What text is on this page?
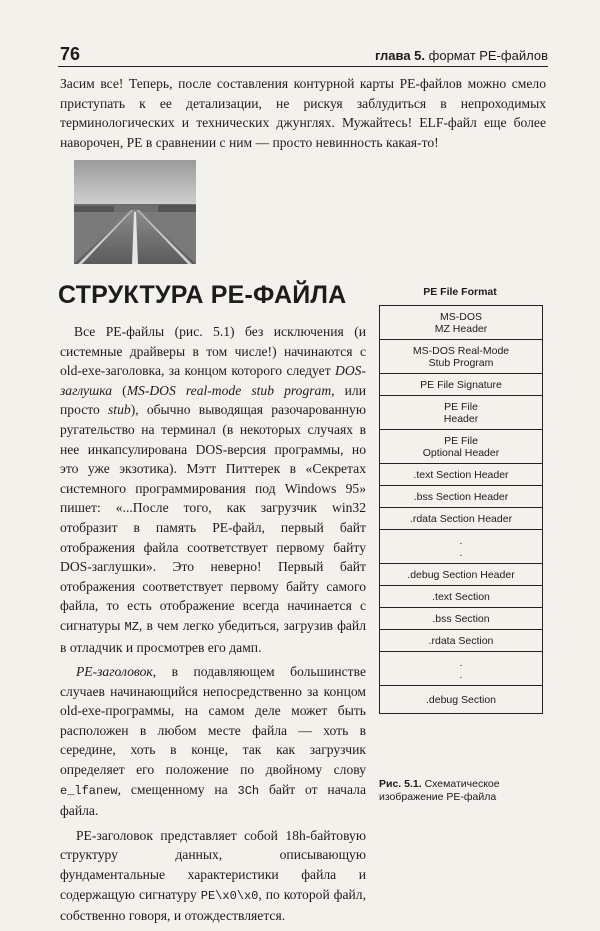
76	глава 5. формат PE-файлов
Засим все! Теперь, после составления контурной карты PE-файлов можно смело приступать к ее детализации, не рискуя заблудиться в непроходимых терминологических и технических джунглях. Мужайтесь! ELF-файл еще более наворочен, PE в сравнении с ним — просто невинность какая-то!
СТРУКТУРА PE-ФАЙЛА

Все PE-файлы (рис. 5.1) без исключения (и системные драйверы в том числе!) начинаются с old-exe-заголовка, за концом которого следует DOS-заглушка (MS-DOS real-mode stub program, или просто stub), обычно выводящая разочарованную ругательство на терминал (в некоторых случаях в нее инкапсулирована DOS-версия программы, но это уже экзотика). Мэтт Питтерек в «Секретах системного программирования под Windows 95» пишет: «...После того, как загрузчик win32 отобразит в память PE-файл, первый байт отображения файла соответствует первому байту DOS-заглушки». Это неверно! Первый байт отображения соответствует первому байту самого файла, то есть отображение всегда начинается с сигнатуры MZ, в чем легко убедиться, загрузив файл в отладчик и просмотрев его дамп.

PE-заголовок, в подавляющем большинстве случаев начинающийся непосредственно за концом old-exe-программы, на самом деле может быть расположен в любом месте файла — хоть в середине, хоть в конце, так как загрузчик определяет его положение по двойному слову e_lfanew, смещенному на 3Ch байт от начала файла.

PE-заголовок представляет собой 18h-байтовую структуру данных, описывающую фундаментальные характеристики файла и содержащую сигнатуру PE\x0\x0, по которой файл, собственно говоря, и отождествляется.

PE File Format
MS-DOS
MZ Header
MS-DOS Real-Mode
Stub Program
PE File Signature
PE File
Header
PE File
Optional Header
.text Section Header
.bss Section Header
.rdata Section Header
.
.
.debug Section Header
.text Section
.bss Section
.rdata Section
.
.
.debug Section
Рис. 5.1. Схематическое изображение PE-файла
